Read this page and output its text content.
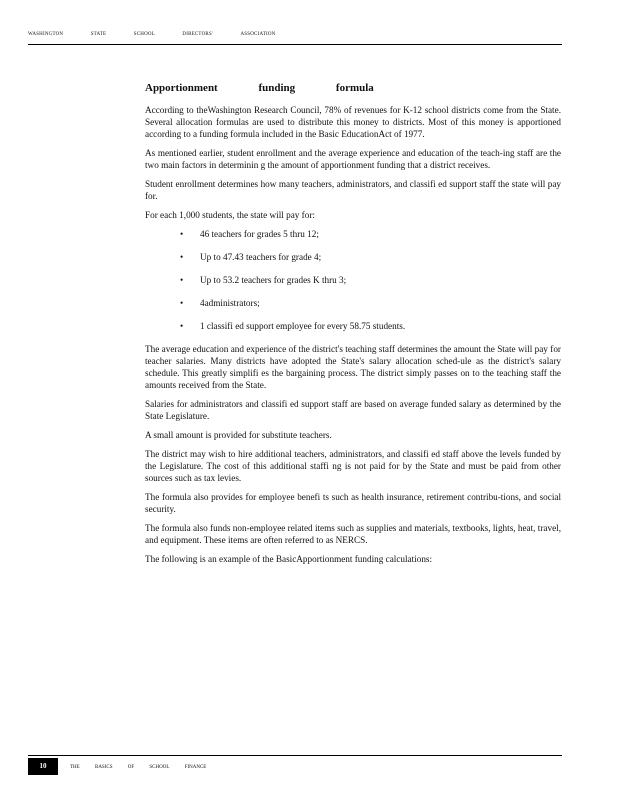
WASHINGTON	STATE	SCHOOL	DIRECTORS'	ASSOCIATION
Apportionment funding formula

According to theWashington Research Council, 78% of revenues for K-12 school districts come from the State. Several allocation formulas are used to distribute this money to districts. Most of this money is apportioned according to a funding formula included in the Basic EducationAct of 1977.

As mentioned earlier, student enrollment and the average experience and education of the teach-ing staff are the two main factors in determinin g the amount of apportionment funding that a district receives.

Student enrollment determines how many teachers, administrators, and classifi ed support staff the state will pay for.

For each 1,000 students, the state will pay for:

• 46 teachers for grades 5 thru 12;
• Up to 47.43 teachers for grade 4;
• Up to 53.2 teachers for grades K thru 3;
• 4administrators;
• 1 classifi ed support employee for every 58.75 students.

The average education and experience of the district's teaching staff determines the amount the State will pay for teacher salaries. Many districts have adopted the State's salary allocation sched-ule as the district's salary schedule. This greatly simplifi es the bargaining process. The district simply passes on to the teaching staff the amounts received from the State.

Salaries for administrators and classifi ed support staff are based on average funded salary as determined by the State Legislature.

A small amount is provided for substitute teachers.

The district may wish to hire additional teachers, administrators, and classifi ed staff above the levels funded by the Legislature. The cost of this additional staffi ng is not paid for by the State and must be paid from other sources such as tax levies.

The formula also provides for employee benefi ts such as health insurance, retirement contribu-tions, and social security.

The formula also funds non-employee related items such as supplies and materials, textbooks, lights, heat, travel, and equipment. These items are often referred to as NERCS.

The following is an example of the BasicApportionment funding calculations:

10	THE	BASICS	OF	SCHOOL	FINANCE
